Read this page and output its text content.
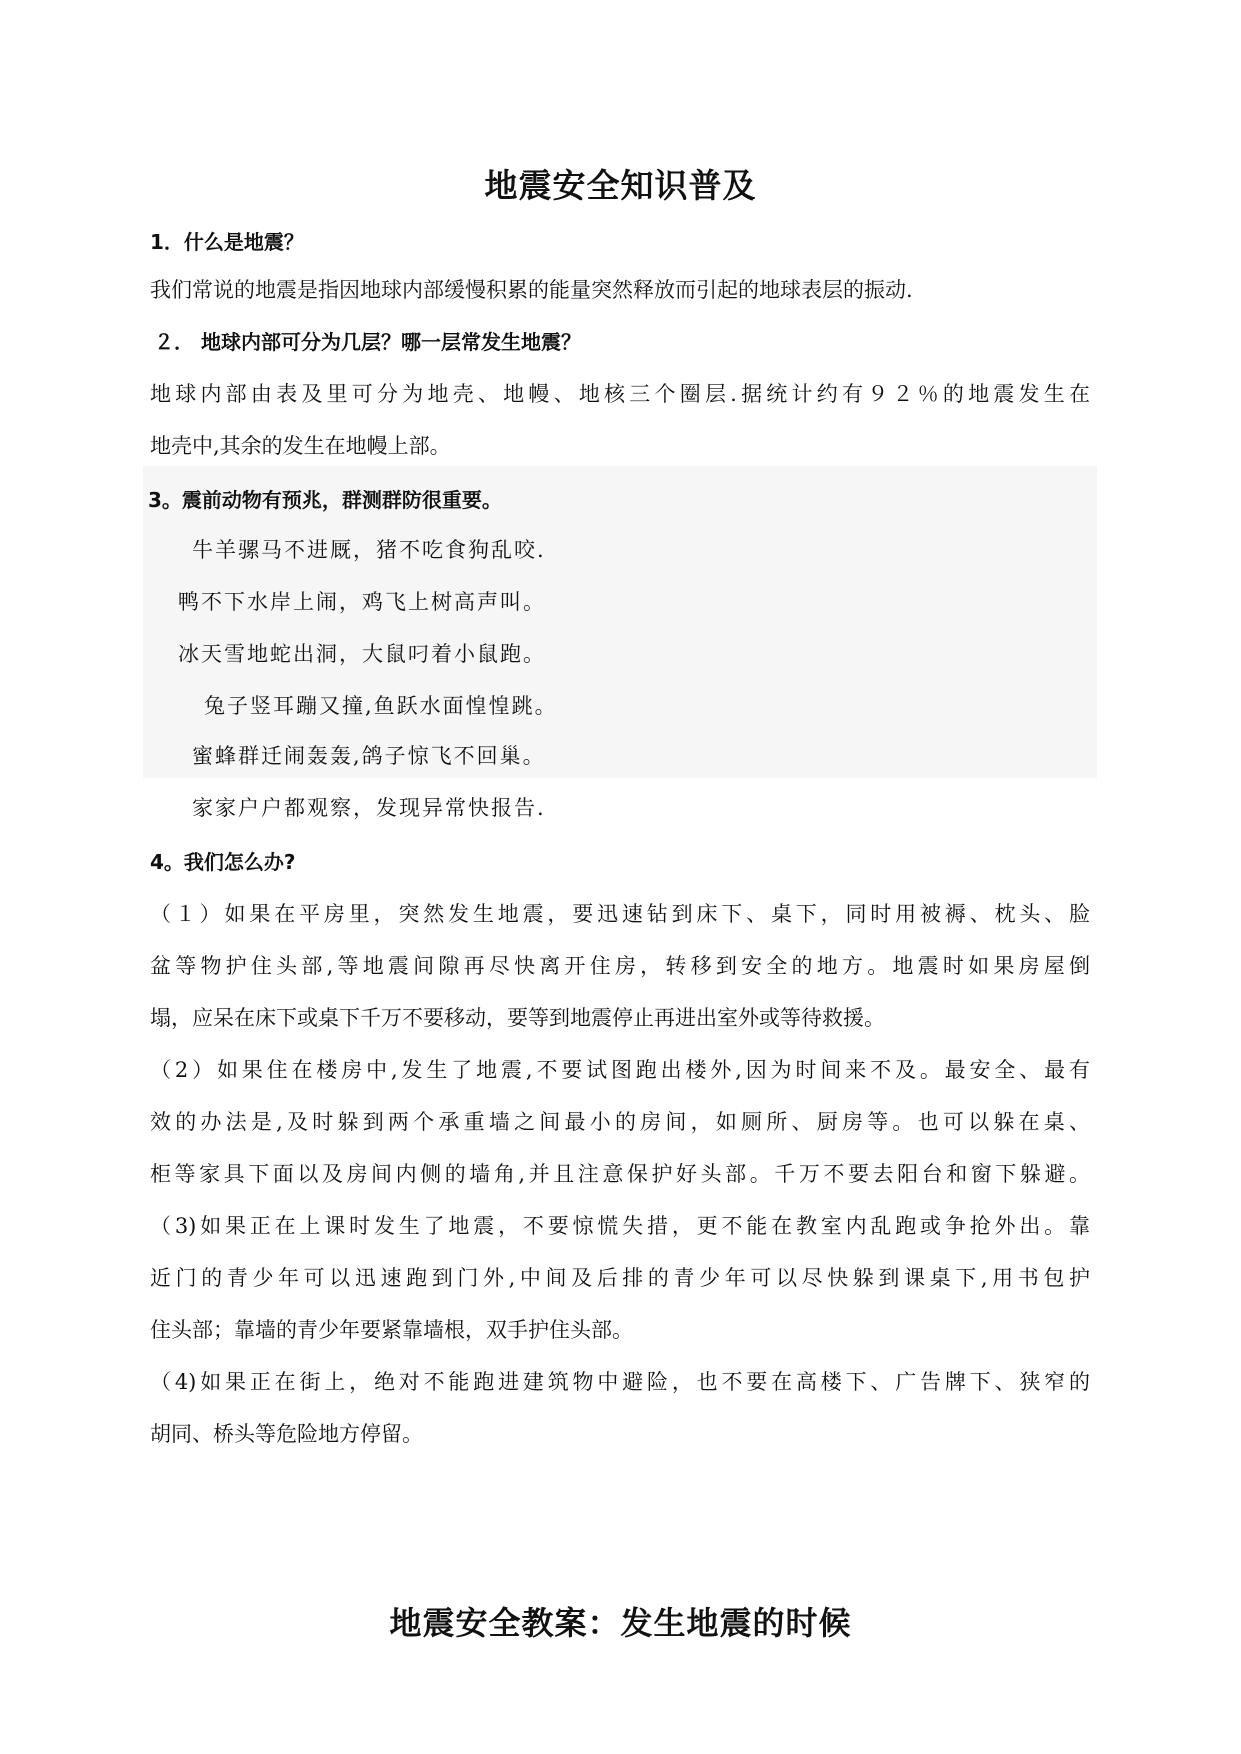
地震安全知识普及
1．什么是地震？
我们常说的地震是指因地球内部缓慢积累的能量突然释放而引起的地球表层的振动.
２． 地球内部可分为几层？哪一层常发生地震？
地球内部由表及里可分为地壳、地幔、地核三个圈层.据统计约有９２％的地震发生在
地壳中,其余的发生在地幔上部。
3。震前动物有预兆，群测群防很重要。
牛羊骡马不进厩，猪不吃食狗乱咬.
鸭不下水岸上闹，鸡飞上树高声叫。
冰天雪地蛇出洞，大鼠叼着小鼠跑。
兔子竖耳蹦又撞,鱼跃水面惶惶跳。
蜜蜂群迁闹轰轰,鸽子惊飞不回巢。
家家户户都观察，发现异常快报告.
4。我们怎么办?
（１）如果在平房里，突然发生地震，要迅速钻到床下、桌下，同时用被褥、枕头、脸
盆等物护住头部,等地震间隙再尽快离开住房，转移到安全的地方。地震时如果房屋倒
塌，应呆在床下或桌下千万不要移动，要等到地震停止再进出室外或等待救援。
（2）如果住在楼房中,发生了地震,不要试图跑出楼外,因为时间来不及。最安全、最有
效的办法是,及时躲到两个承重墙之间最小的房间，如厕所、厨房等。也可以躲在桌、
柜等家具下面以及房间内侧的墙角,并且注意保护好头部。千万不要去阳台和窗下躲避。
（3)如果正在上课时发生了地震，不要惊慌失措，更不能在教室内乱跑或争抢外出。靠
近门的青少年可以迅速跑到门外,中间及后排的青少年可以尽快躲到课桌下,用书包护
住头部；靠墙的青少年要紧靠墙根，双手护住头部。
（4)如果正在街上，绝对不能跑进建筑物中避险，也不要在高楼下、广告牌下、狭窄的
胡同、桥头等危险地方停留。
地震安全教案：发生地震的时候
